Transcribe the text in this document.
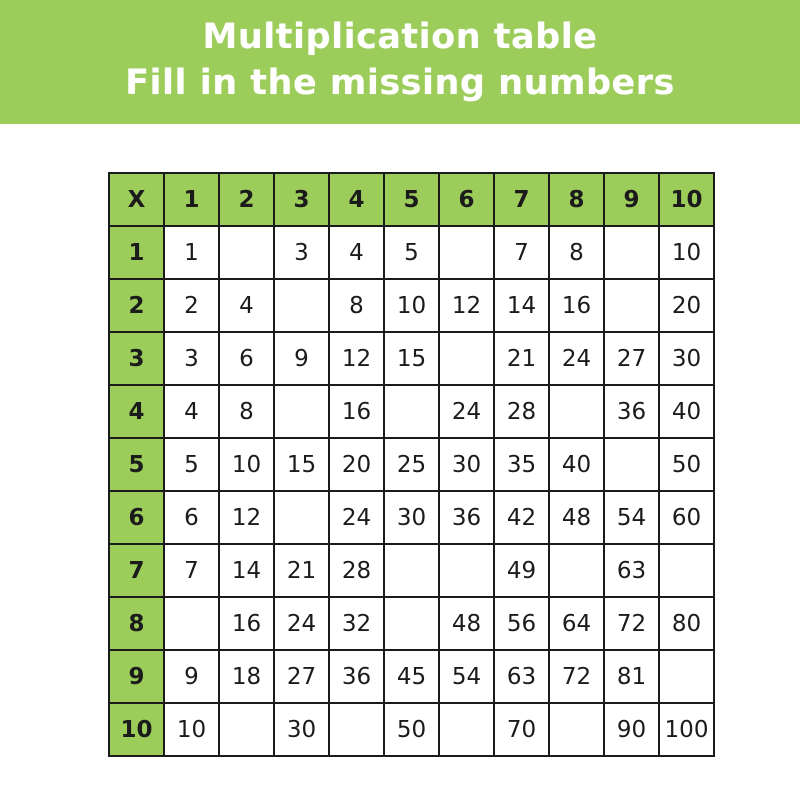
Multiplication table
Fill in the missing numbers
X	1	2	3	4	5	6	7	8	9	10
1	1		3	4	5		7	8		10
2	2	4		8	10	12	14	16		20
3	3	6	9	12	15		21	24	27	30
4	4	8		16		24	28		36	40
5	5	10	15	20	25	30	35	40		50
6	6	12		24	30	36	42	48	54	60
7	7	14	21	28			49		63	
8		16	24	32		48	56	64	72	80
9	9	18	27	36	45	54	63	72	81	
10	10		30		50		70		90	100
